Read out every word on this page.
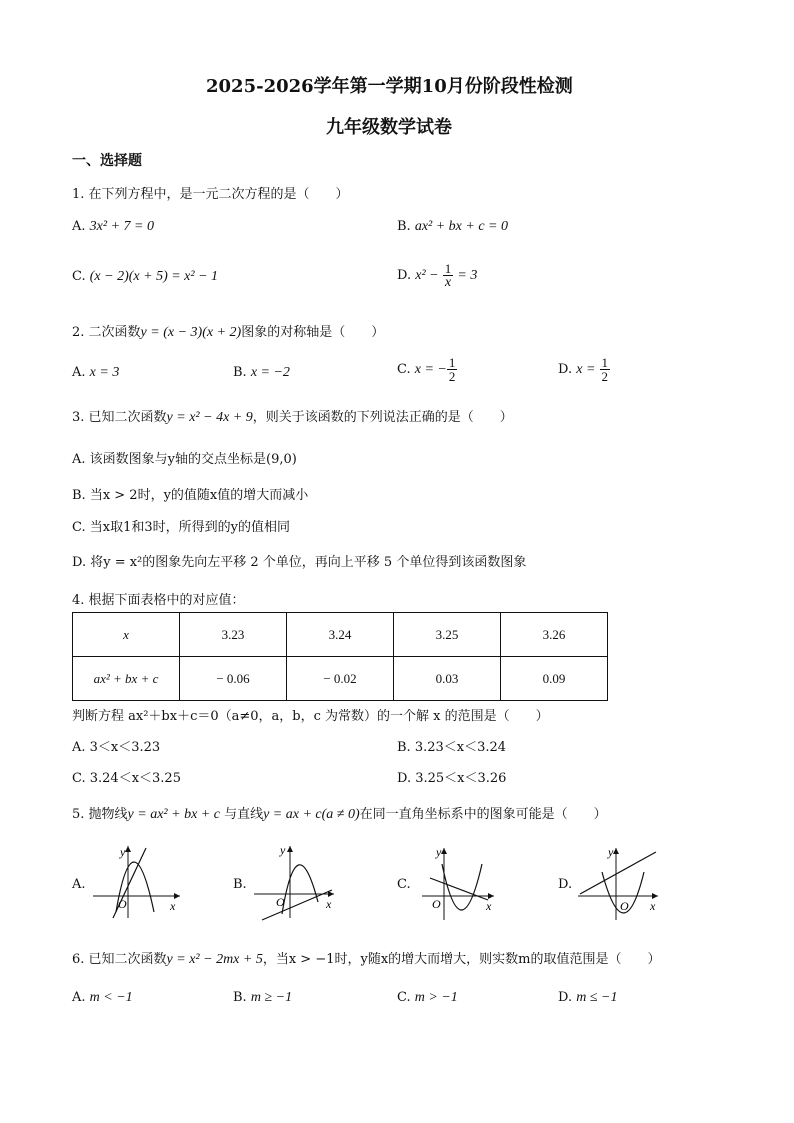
2025-2026学年第一学期10月份阶段性检测
九年级数学试卷
一、选择题
1. 在下列方程中，是一元二次方程的是（　　）
A. 3x² + 7 = 0	B. ax² + bx + c = 0
C. (x − 2)(x + 5) = x² − 1	D. $x^2 - \frac{1}{x} = 3$
2. 二次函数y = (x − 3)(x + 2)图象的对称轴是（　　）
A. x = 3	B. x = −2	C. x = − $\frac{1}{2}$	D. $x = \frac{1}{2}$
3. 已知二次函数y = x² − 4x + 9，则关于该函数的下列说法正确的是（　　）
A. 该函数图象与y轴的交点坐标是(9,0)
B. 当x > 2时，y的值随x值的增大而减小
C. 当x取1和3时，所得到的y的值相同
D. 将y = x²的图象先向左平移 2 个单位，再向上平移 5 个单位得到该函数图象
4. 根据下面表格中的对应值：
x	3.23	3.24	3.25	3.26
ax² + bx + c	− 0.06	− 0.02	0.03	0.09
判断方程 ax²＋bx＋c＝0（a≠0，a，b，c 为常数）的一个解 x 的范围是（　　）
A. 3＜x＜3.23	B. 3.23＜x＜3.24
C. 3.24＜x＜3.25	D. 3.25＜x＜3.26
5. 抛物线y = ax² + bx + c 与直线y = ax + c(a ≠ 0)在同一直角坐标系中的图象可能是（　　）
A.	B.	C.	D.
y
x
O
y
x
O
y
x
O
y
x
O
6. 已知二次函数y = x² − 2mx + 5，当x > −1时，y随x的增大而增大，则实数m的取值范围是（　　）
A. m < −1	B. m ≥ −1	C. m > −1	D. m ≤ −1
